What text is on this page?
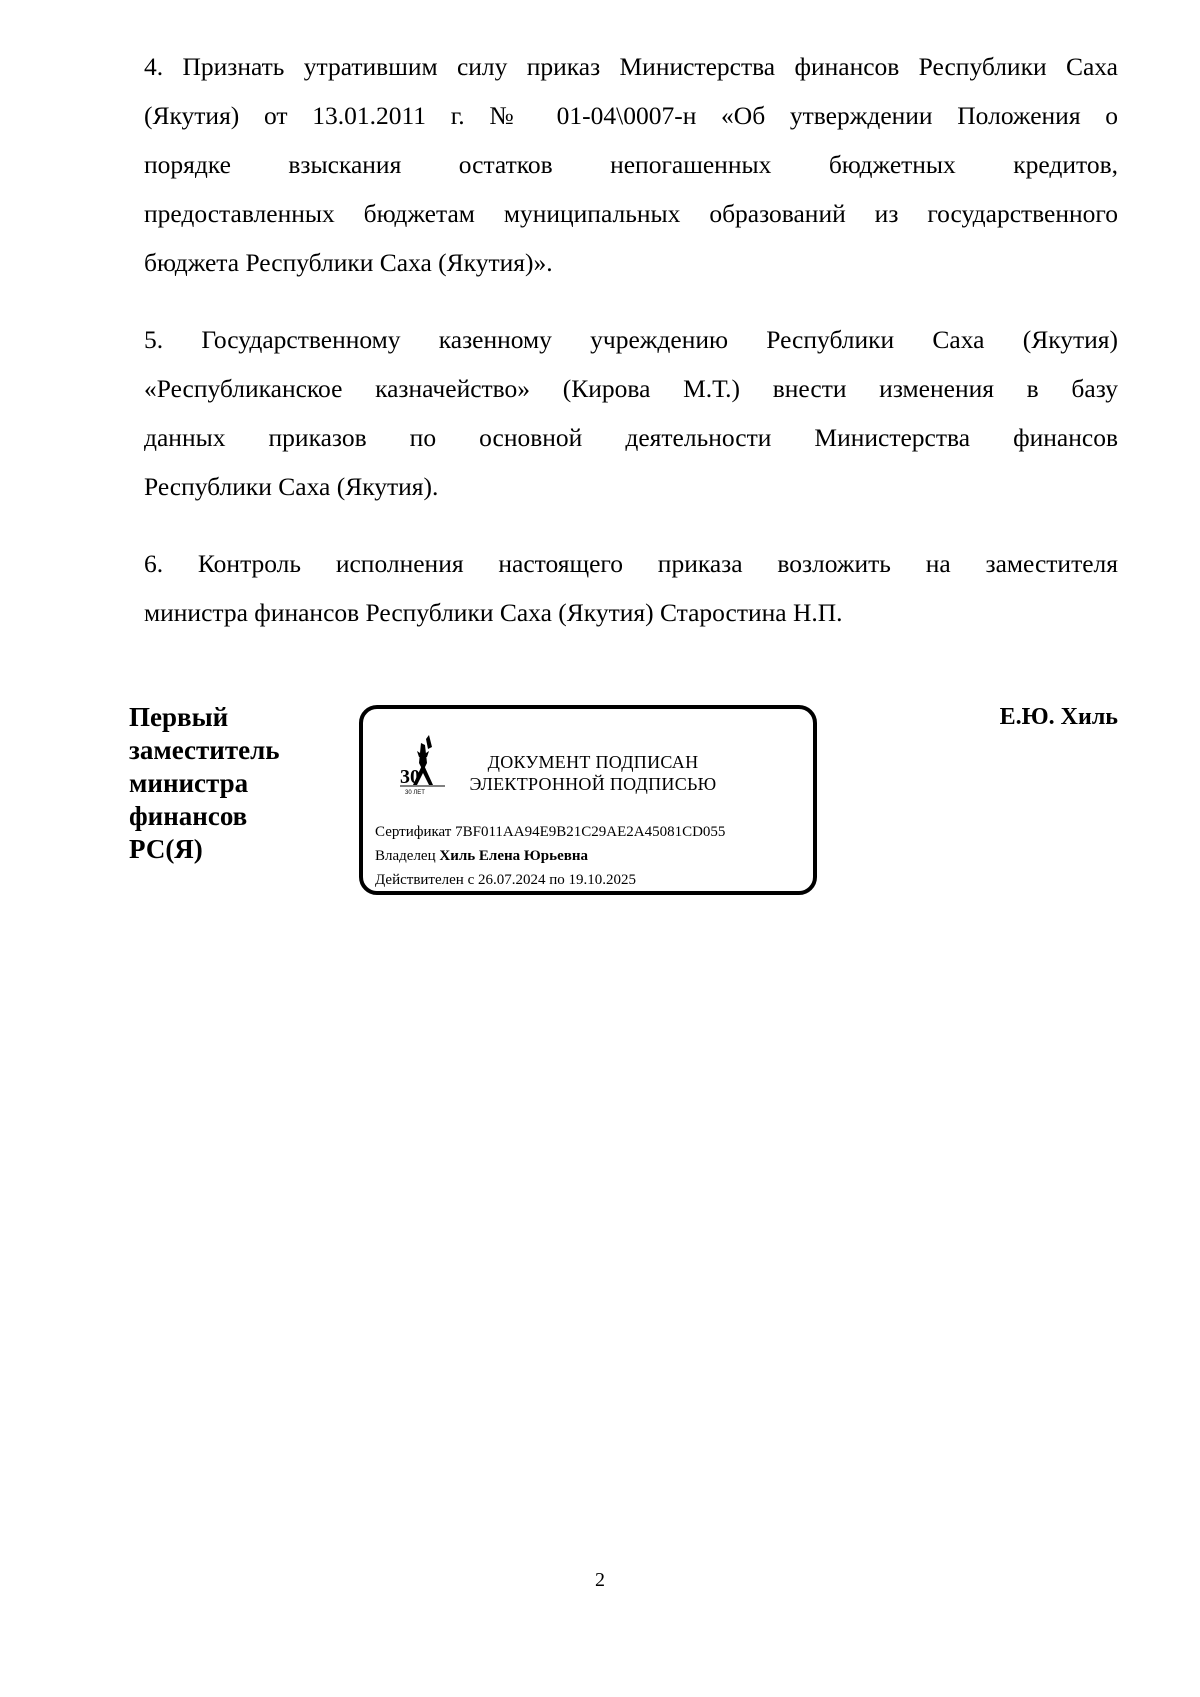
4. Признать утратившим силу приказ Министерства финансов Республики Саха
(Якутия) от 13.01.2011 г. № 01-04\0007-н «Об утверждении Положения о
порядке взыскания остатков непогашенных бюджетных кредитов,
предоставленных бюджетам муниципальных образований из государственного
бюджета Республики Саха (Якутия)».
5. Государственному казенному учреждению Республики Саха (Якутия)
«Республиканское казначейство» (Кирова М.Т.) внести изменения в базу
данных приказов по основной деятельности Министерства финансов
Республики Саха (Якутия).
6. Контроль исполнения настоящего приказа возложить на заместителя
министра финансов Республики Саха (Якутия) Старостина Н.П.
Первый
заместитель
министра
финансов
РС(Я)
30
30 ЛЕТ
ДОКУМЕНТ ПОДПИСАН
ЭЛЕКТРОННОЙ ПОДПИСЬЮ
Сертификат 7BF011AA94E9B21C29AE2A45081CD055
Владелец Хиль Елена Юрьевна
Действителен с 26.07.2024 по 19.10.2025
Е.Ю. Хиль
2
